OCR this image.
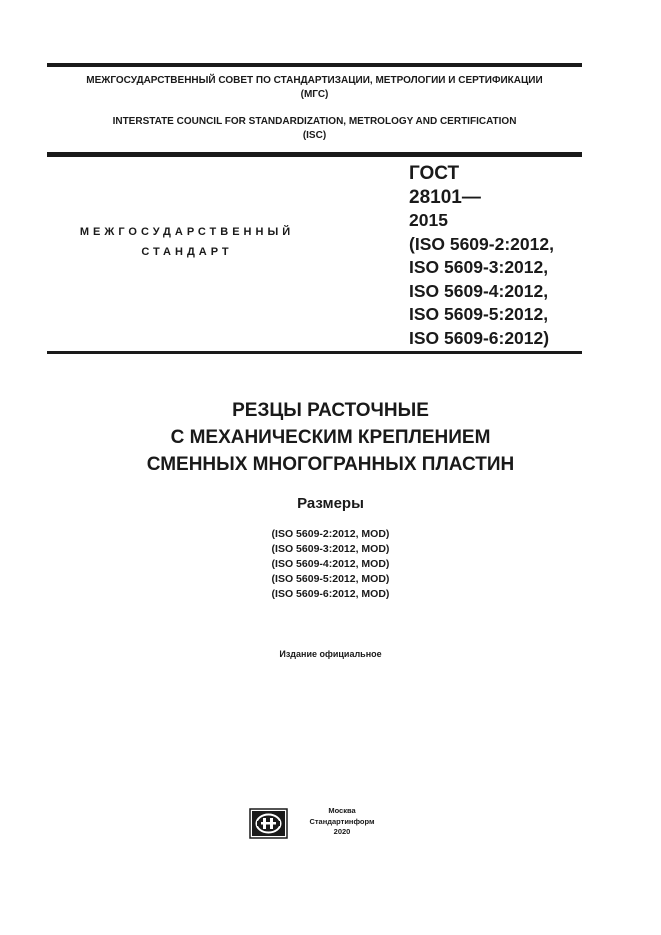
МЕЖГОСУДАРСТВЕННЫЙ СОВЕТ ПО СТАНДАРТИЗАЦИИ, МЕТРОЛОГИИ И СЕРТИФИКАЦИИ
(МГС)
INTERSTATE COUNCIL FOR STANDARDIZATION, METROLOGY AND CERTIFICATION
(ISC)
МЕЖГОСУДАРСТВЕННЫЙ
СТАНДАРТ
ГОСТ
28101—
2015
(ISO 5609-2:2012,
ISO 5609-3:2012,
ISO 5609-4:2012,
ISO 5609-5:2012,
ISO 5609-6:2012)
РЕЗЦЫ РАСТОЧНЫЕ
С МЕХАНИЧЕСКИМ КРЕПЛЕНИЕМ
СМЕННЫХ МНОГОГРАННЫХ ПЛАСТИН
Размеры
(ISO 5609-2:2012, MOD)
(ISO 5609-3:2012, MOD)
(ISO 5609-4:2012, MOD)
(ISO 5609-5:2012, MOD)
(ISO 5609-6:2012, MOD)
Издание официальное
Москва
Стандартинформ
2020
